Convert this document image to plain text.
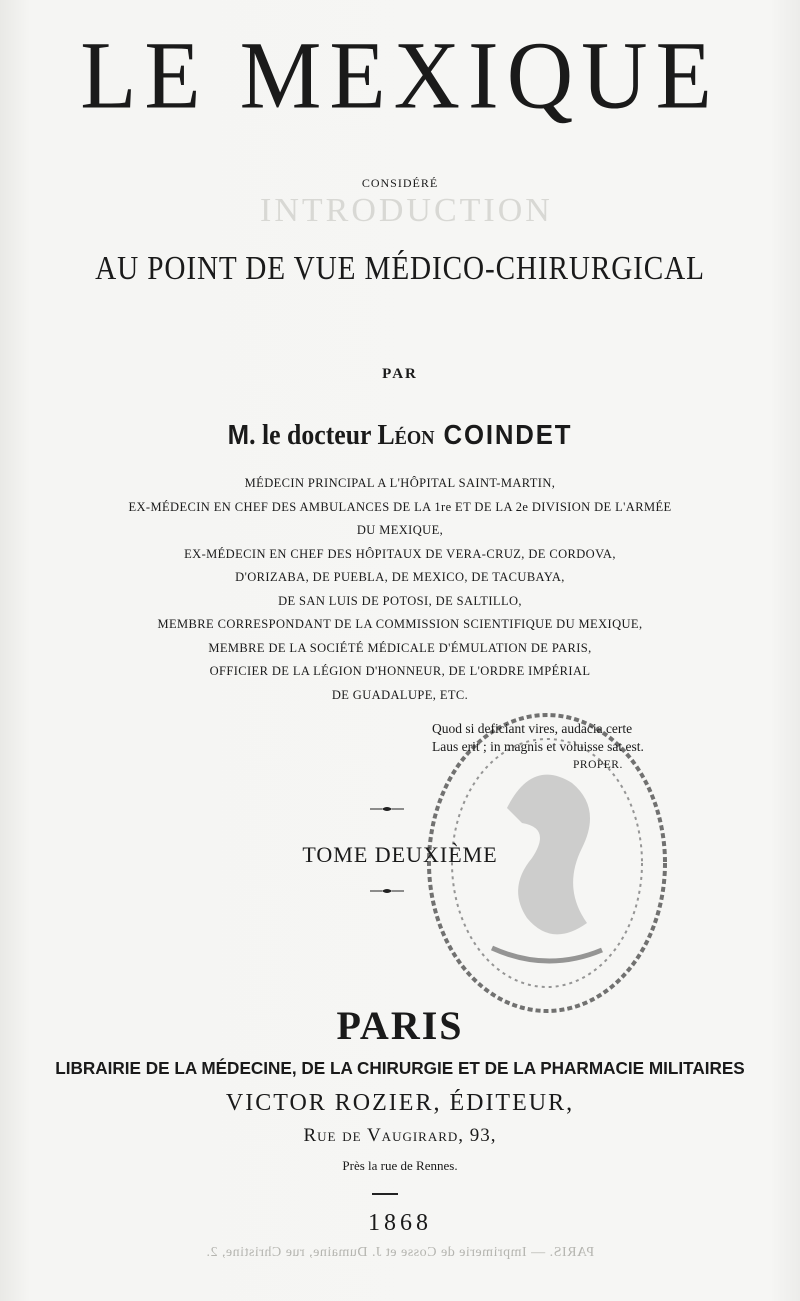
INTRODUCTION
LE MEXIQUE
CONSIDÉRÉ
AU POINT DE VUE MÉDICO-CHIRURGICAL
PAR
M. le docteur Léon COINDET
MÉDECIN PRINCIPAL A L'HÔPITAL SAINT-MARTIN,
EX-MÉDECIN EN CHEF DES AMBULANCES DE LA 1re ET DE LA 2e DIVISION DE L'ARMÉE
DU MEXIQUE,
EX-MÉDECIN EN CHEF DES HÔPITAUX DE VERA-CRUZ, DE CORDOVA,
D'ORIZABA, DE PUEBLA, DE MEXICO, DE TACUBAYA,
DE SAN LUIS DE POTOSI, DE SALTILLO,
MEMBRE CORRESPONDANT DE LA COMMISSION SCIENTIFIQUE DU MEXIQUE,
MEMBRE DE LA SOCIÉTÉ MÉDICALE D'ÉMULATION DE PARIS,
OFFICIER DE LA LÉGION D'HONNEUR, DE L'ORDRE IMPÉRIAL
DE GUADALUPE, ETC.
Quod si deficiant vires, audacia certe
Laus erit ; in magnis et voluisse sat est.
PROPER.
TOME DEUXIÈME
PARIS
LIBRAIRIE DE LA MÉDECINE, DE LA CHIRURGIE ET DE LA PHARMACIE MILITAIRES
VICTOR ROZIER, ÉDITEUR,
Rue de Vaugirard, 93,
Près la rue de Rennes.
1868
PARIS. — Imprimerie de Cosse et J. Dumaine, rue Christine, 2.
